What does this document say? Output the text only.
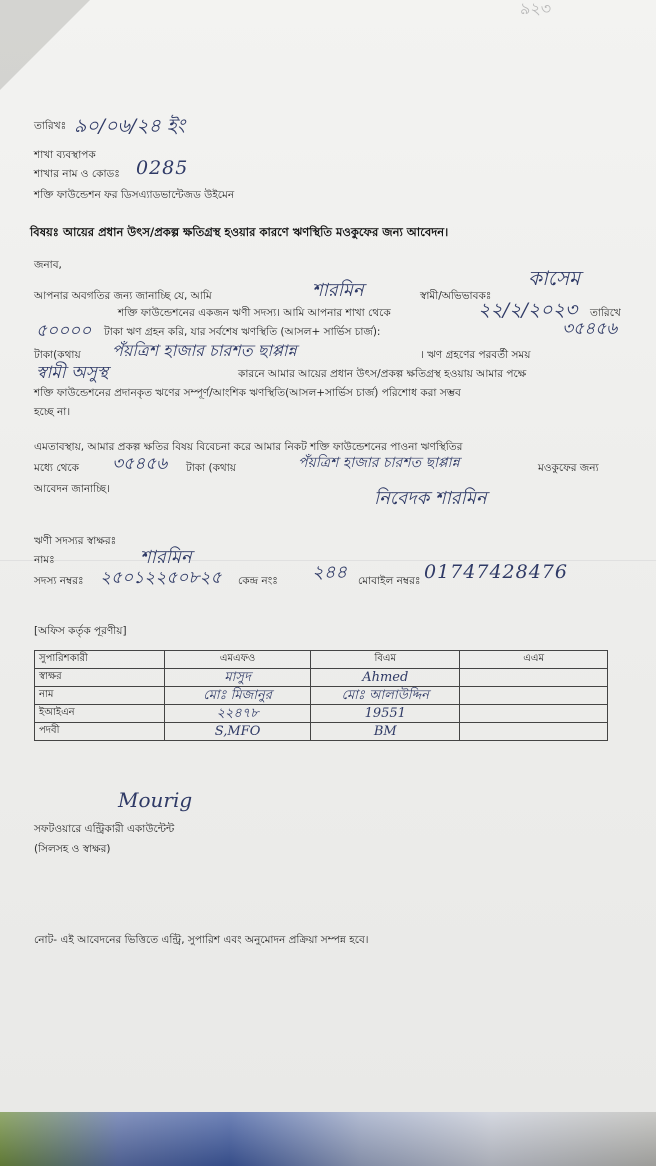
৯২৩
তারিখঃ ৯০/০৬/২৪ ইং
শাখা ব্যবস্থাপক
শাখার নাম ও কোডঃ 0285
শক্তি ফাউন্ডেশন ফর ডিসএ্যাডভান্টেজড উইমেন
বিষয়ঃ আয়ের প্রধান উৎস/প্রকল্প ক্ষতিগ্রস্থ হওয়ার কারণে ঋণস্থিতি মওকুফের জন্য আবেদন।
জনাব,
আপনার অবগতির জন্য জানাচ্ছি যে, আমি	শারমিন	স্বামী/অভিভাবকঃ
কাসেম
শক্তি ফাউন্ডেশনের একজন ঋণী সদস্য। আমি আপনার শাখা থেকে	২২/২/২০২৩ তারিখে
৫০০০০ টাকা ঋণ গ্রহন করি, যার সর্বশেষ ঋণস্থিতি (আসল+ সার্ভিস চার্জ):	৩৫৪৫৬
টাকা(কথায় পঁয়ত্রিশ হাজার চারশত ছাপ্পান্ন	। ঋণ গ্রহণের পরবর্তী সময়
স্বামী অসুস্থ	কারনে আমার আয়ের প্রধান উৎস/প্রকল্প ক্ষতিগ্রস্থ হওয়ায় আমার পক্ষে
শক্তি ফাউন্ডেশনের প্রদানকৃত ঋণের সম্পূর্ণ/আংশিক ঋণস্থিতি(আসল+সার্ভিস চার্জ) পরিশোধ করা সম্ভব
হচ্ছে না।
এমতাবস্থায়, আমার প্রকল্প ক্ষতির বিষয় বিবেচনা করে আমার নিকট শক্তি ফাউন্ডেশনের পাওনা ঋণস্থিতির
মধ্যে থেকে ৩৫৪৫৬ টাকা (কথায়	পঁয়ত্রিশ হাজার চারশত ছাপ্পান্ন	মওকুফের জন্য
আবেদন জানাচ্ছি।	নিবেদক শারমিন
ঋণী সদস্যর স্বাক্ষরঃ
নামঃ	শারমিন
সদস্য নম্বরঃ ২৫০১২২৫০৮২৫ কেন্দ্র নংঃ ২৪৪ মোবাইল নম্বরঃ 01747428476
[অফিস কর্তৃক পূরণীয়]
সুপারিশকারী	এমএফও	বিএম	এএম
স্বাক্ষর	মাসুদ	Ahmed	

নাম	মোঃ মিজানুর	মোঃ আলাউদ্দিন	

ইআইএন	২২৪৭৮	19551	

পদবী	S,MFO	BM	

Mourig
সফটওয়ারে এন্ট্রিকারী একাউন্টেন্ট
(সিলসহ ও স্বাক্ষর)
নোট- এই আবেদনের ভিত্তিতে এন্ট্রি, সুপারিশ এবং অনুমোদন প্রক্রিয়া সম্পন্ন হবে।
